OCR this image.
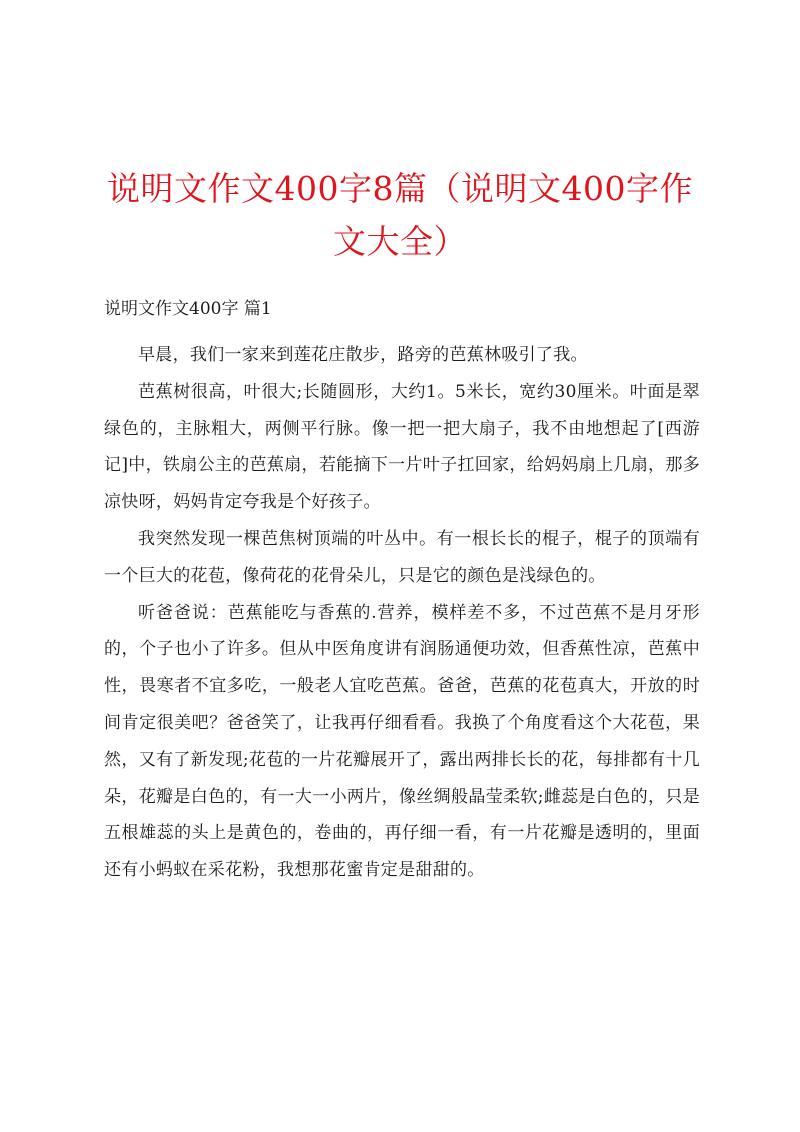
说明文作文400字8篇（说明文400字作文大全）
说明文作文400字 篇1

早晨，我们一家来到莲花庄散步，路旁的芭蕉林吸引了我。

芭蕉树很高，叶很大;长随圆形，大约1。5米长，宽约30厘米。叶面是翠绿色的，主脉粗大，两侧平行脉。像一把一把大扇子，我不由地想起了[西游记]中，铁扇公主的芭蕉扇，若能摘下一片叶子扛回家，给妈妈扇上几扇，那多凉快呀，妈妈肯定夸我是个好孩子。

我突然发现一棵芭焦树顶端的叶丛中。有一根长长的棍子，棍子的顶端有一个巨大的花苞，像荷花的花骨朵儿，只是它的颜色是浅绿色的。

听爸爸说：芭蕉能吃与香蕉的.营养，模样差不多，不过芭蕉不是月牙形的，个子也小了许多。但从中医角度讲有润肠通便功效，但香蕉性凉，芭蕉中性，畏寒者不宜多吃，一般老人宜吃芭蕉。爸爸，芭蕉的花苞真大，开放的时间肯定很美吧？爸爸笑了，让我再仔细看看。我换了个角度看这个大花苞，果然，又有了新发现;花苞的一片花瓣展开了，露出两排长长的花，每排都有十几朵，花瓣是白色的，有一大一小两片，像丝绸般晶莹柔软;雌蕊是白色的，只是五根雄蕊的头上是黄色的，卷曲的，再仔细一看，有一片花瓣是透明的，里面还有小蚂蚁在采花粉，我想那花蜜肯定是甜甜的。
